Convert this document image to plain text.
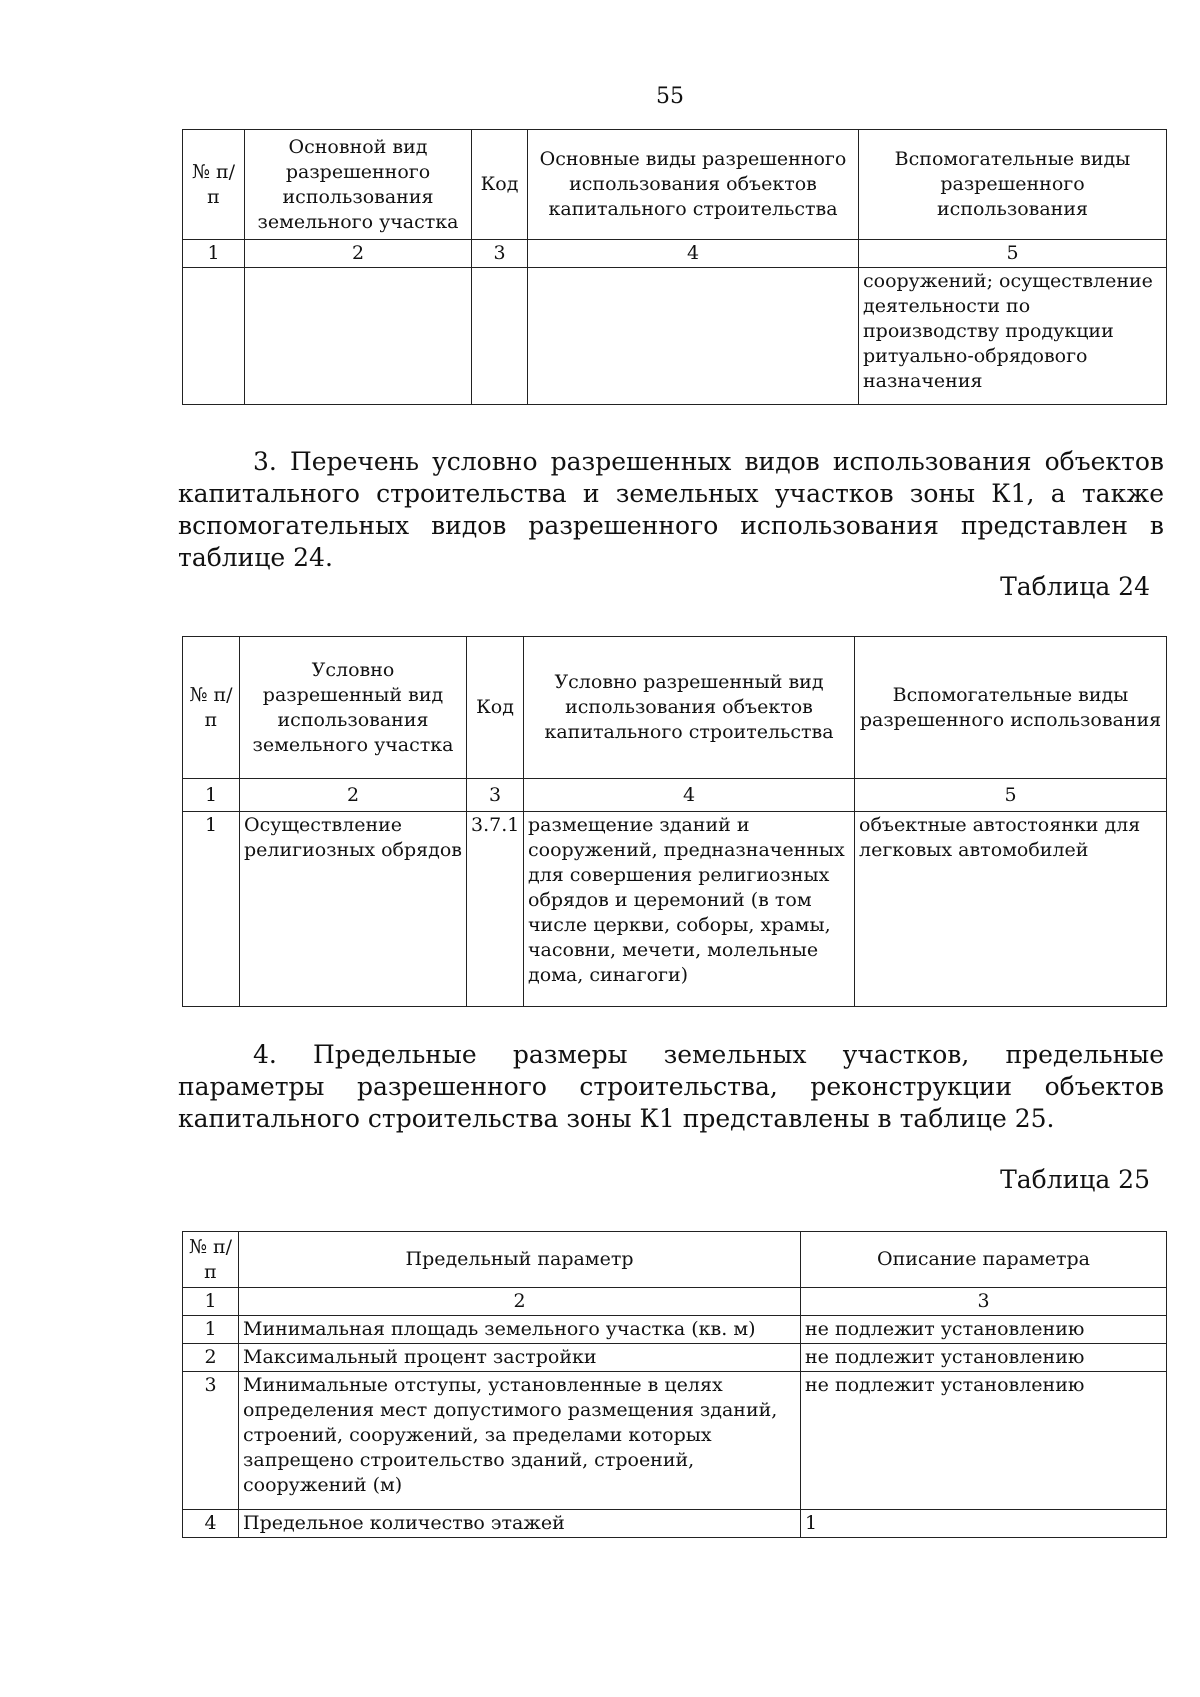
55
№ п/п	Основной вид разрешенного использования земельного участка	Код	Основные виды разрешенного использования объектов капитального строительства	Вспомогательные виды разрешенного использования
1	2	3	4	5
				сооружений; осуществление деятельности по производству продукции ритуально-обрядового назначения

3. Перечень условно разрешенных видов использования объектов капитального строительства и земельных участков зоны К1, а также вспомогательных видов разрешенного использования представлен в таблице 24.

Таблица 24
№ п/п	Условно разрешенный вид использования земельного участка	Код	Условно разрешенный вид использования объектов капитального строительства	Вспомогательные виды разрешенного использования
1	2	3	4	5
1	Осуществление религиозных обрядов	3.7.1	размещение зданий и сооружений, предназначенных для совершения религиозных обрядов и церемоний (в том числе церкви, соборы, храмы, часовни, мечети, молельные дома, синагоги)	объектные автостоянки для легковых автомобилей

4. Предельные размеры земельных участков, предельные параметры разрешенного строительства, реконструкции объектов капитального строительства зоны К1 представлены в таблице 25.

Таблица 25
№ п/п	Предельный параметр	Описание параметра
1	2	3
1	Минимальная площадь земельного участка (кв. м)	не подлежит установлению
2	Максимальный процент застройки	не подлежит установлению
3	Минимальные отступы, установленные в целях определения мест допустимого размещения зданий, строений, сооружений, за пределами которых запрещено строительство зданий, строений, сооружений (м)	не подлежит установлению
4	Предельное количество этажей	1
